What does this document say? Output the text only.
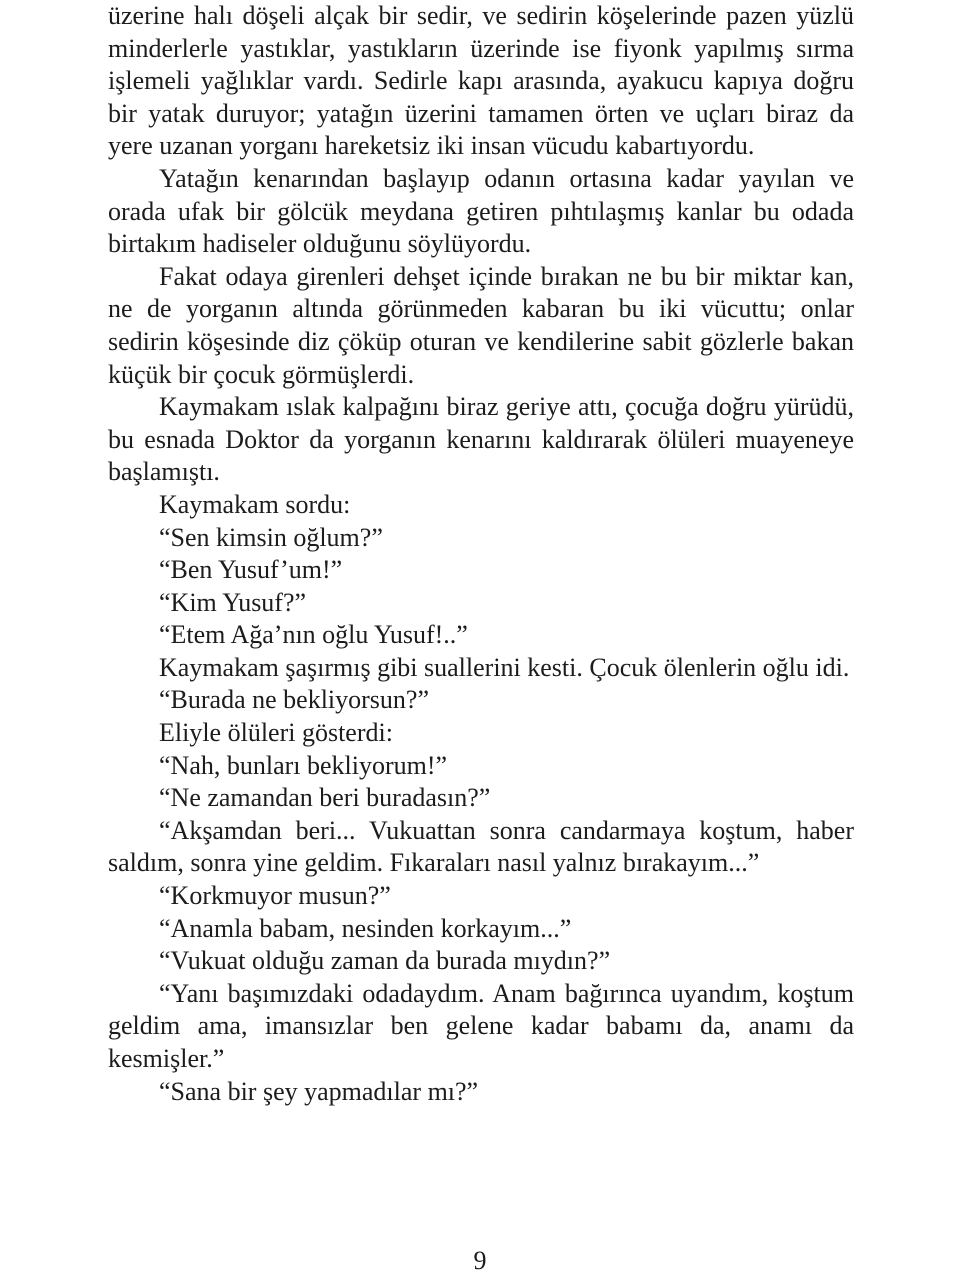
üzerine halı döşeli alçak bir sedir, ve sedirin köşelerinde pazen yüzlü minderlerle yastıklar, yastıkların üzerinde ise fiyonk yapılmış sırma işlemeli yağlıklar vardı. Sedirle kapı arasında, ayakucu kapıya doğru bir yatak duruyor; yatağın üzerini tamamen örten ve uçları biraz da yere uzanan yorganı hareketsiz iki insan vücudu kabartıyordu.

Yatağın kenarından başlayıp odanın ortasına kadar yayılan ve orada ufak bir gölcük meydana getiren pıhtılaşmış kanlar bu odada birtakım hadiseler olduğunu söylüyordu.

Fakat odaya girenleri dehşet içinde bırakan ne bu bir miktar kan, ne de yorganın altında görünmeden kabaran bu iki vücuttu; onlar sedirin köşesinde diz çöküp oturan ve kendilerine sabit gözlerle bakan küçük bir çocuk görmüşlerdi.

Kaymakam ıslak kalpağını biraz geriye attı, çocuğa doğru yürüdü, bu esnada Doktor da yorganın kenarını kaldırarak ölüleri muayeneye başlamıştı.

Kaymakam sordu:

“Sen kimsin oğlum?”

“Ben Yusuf’um!”

“Kim Yusuf?”

“Etem Ağa’nın oğlu Yusuf!..”

Kaymakam şaşırmış gibi suallerini kesti. Çocuk ölenlerin oğlu idi.

“Burada ne bekliyorsun?”

Eliyle ölüleri gösterdi:

“Nah, bunları bekliyorum!”

“Ne zamandan beri buradasın?”

“Akşamdan beri... Vukuattan sonra candarmaya koştum, haber saldım, sonra yine geldim. Fıkaraları nasıl yalnız bırakayım...”

“Korkmuyor musun?”

“Anamla babam, nesinden korkayım...”

“Vukuat olduğu zaman da burada mıydın?”

“Yanı başımızdaki odadaydım. Anam bağırınca uyandım, koştum geldim ama, imansızlar ben gelene kadar babamı da, anamı da kesmişler.”

“Sana bir şey yapmadılar mı?”

9
